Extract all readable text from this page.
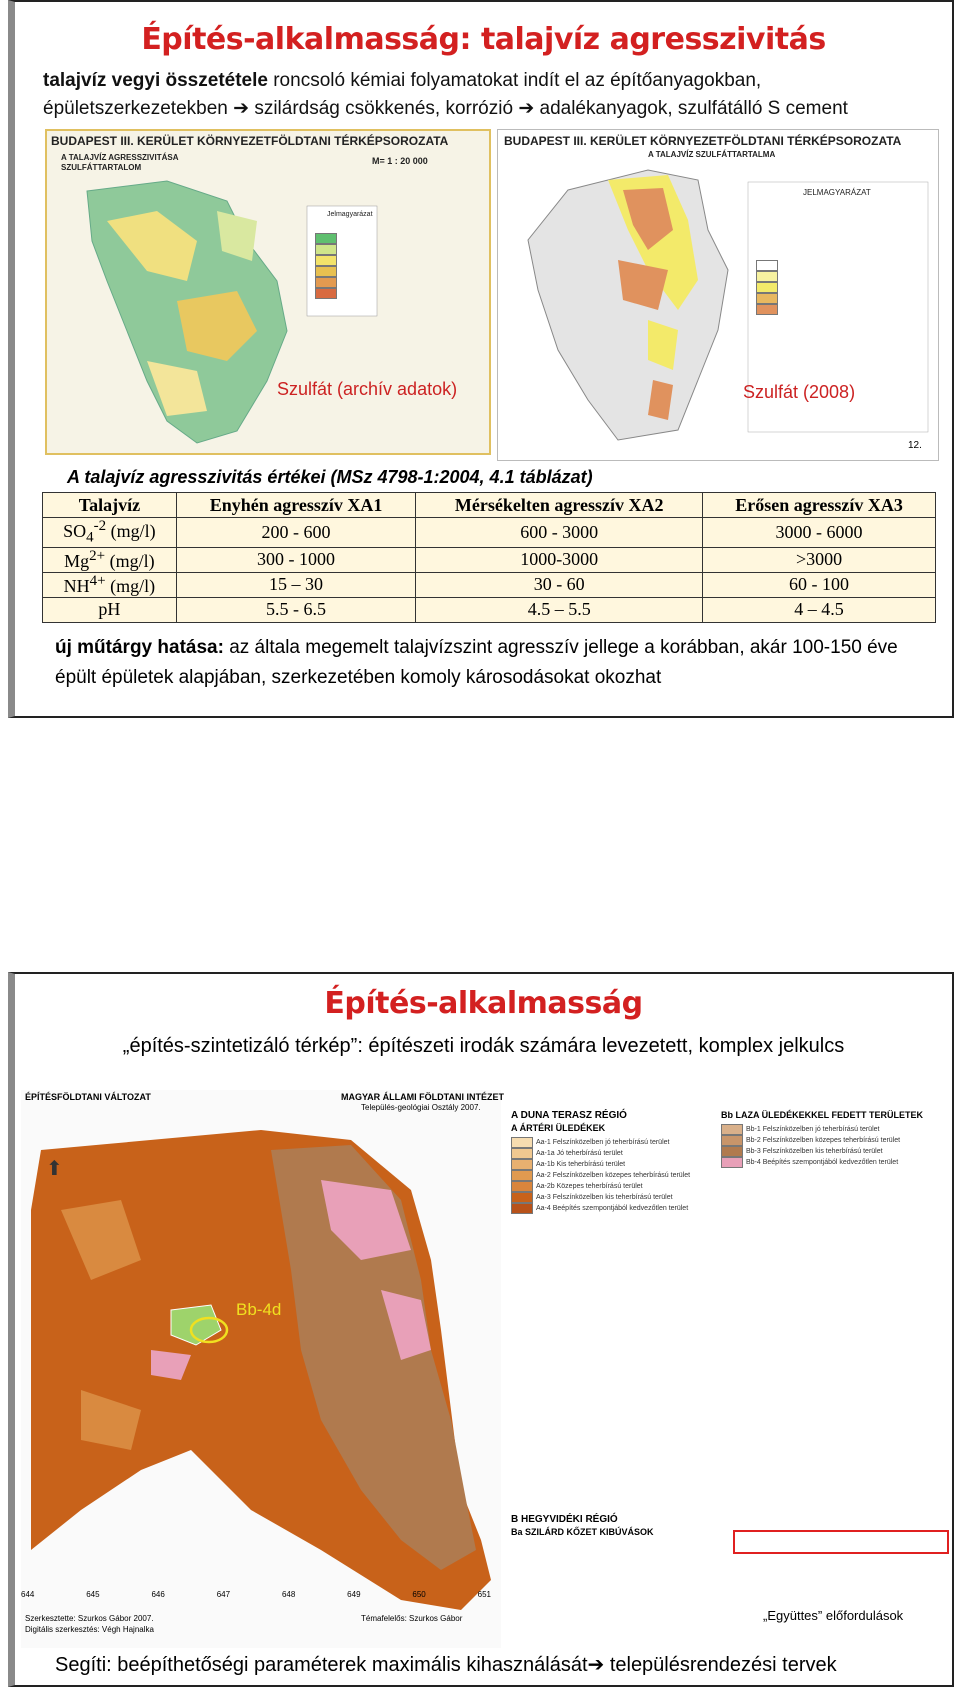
Építés-alkalmasság: talajvíz agresszivitás
talajvíz vegyi összetétele roncsoló kémiai folyamatokat indít el az építőanyagokban,
épületszerkezetekben ➔ szilárdság csökkenés, korrózió ➔ adalékanyagok, szulfátálló S cement
BUDAPEST III. KERÜLET KÖRNYEZETFÖLDTANI TÉRKÉPSOROZATA
A TALAJVÍZ AGRESSZIVITÁSA
SZULFÁTTARTALOM
M= 1 : 20 000
Jelmagyarázat
Szulfát (archív adatok)
BUDAPEST III. KERÜLET KÖRNYEZETFÖLDTANI TÉRKÉPSOROZATA
A TALAJVÍZ SZULFÁTTARTALMA
JELMAGYARÁZAT
Szulfát (2008)
12.
A talajvíz agresszivitás értékei (MSz 4798-1:2004, 4.1 táblázat)
Talajvíz	Enyhén agresszív XA1	Mérsékelten agresszív XA2	Erősen agresszív XA3
$SO_4^{-2}$ (mg/l)	200 - 600	600 - 3000	3000 - 6000
$Mg^{2+}$ (mg/l)	300 - 1000	1000-3000	>3000
$NH^{4+}$ (mg/l)	15 – 30	30 - 60	60 - 100
pH	5.5 - 6.5	4.5 – 5.5	4 – 4.5
új műtárgy hatása: az általa megemelt talajvízszint agresszív jellege a korábban, akár 100-150 éve épült épületek alapjában, szerkezetében komoly károsodásokat okozhat
Építés-alkalmasság
„építés-szintetizáló térkép”: építészeti irodák számára levezetett, komplex jelkulcs
⬆
ÉPÍTÉSFÖLDTANI VÁLTOZAT	MAGYAR ÁLLAMI FÖLDTANI INTÉZET
Település-geológiai Osztály 2007.
Bb-4d
644	645	646	647	648	649	650	651
Szerkesztette: Szurkos Gábor 2007.
Digitális szerkesztés: Végh Hajnalka
Témafelelős: Szurkos Gábor
A DUNA TERASZ RÉGIÓ
A ÁRTÉRI ÜLEDÉKEK
Aa-1 Felszínközelben jó teherbírású terület
Aa-1a Jó teherbírású terület
Aa-1b Kis teherbírású terület
Aa-2 Felszínközelben közepes teherbírású terület
Aa-2b Közepes teherbírású terület
Aa-3 Felszínközelben kis teherbírású terület
Aa-4 Beépítés szempontjából kedvezőtlen terület
B HEGYVIDÉKI RÉGIÓ
Ba SZILÁRD KŐZET KIBÚVÁSOK
Bb LAZA ÜLEDÉKEKKEL FEDETT TERÜLETEK
Bb-1 Felszínközelben jó teherbírású terület
Bb-2 Felszínközelben közepes teherbírású terület
Bb-3 Felszínközelben kis teherbírású terület
Bb-4 Beépítés szempontjából kedvezőtlen terület
„Együttes” előfordulások
Segíti: beépíthetőségi paraméterek maximális kihasználását➔ településrendezési tervek
